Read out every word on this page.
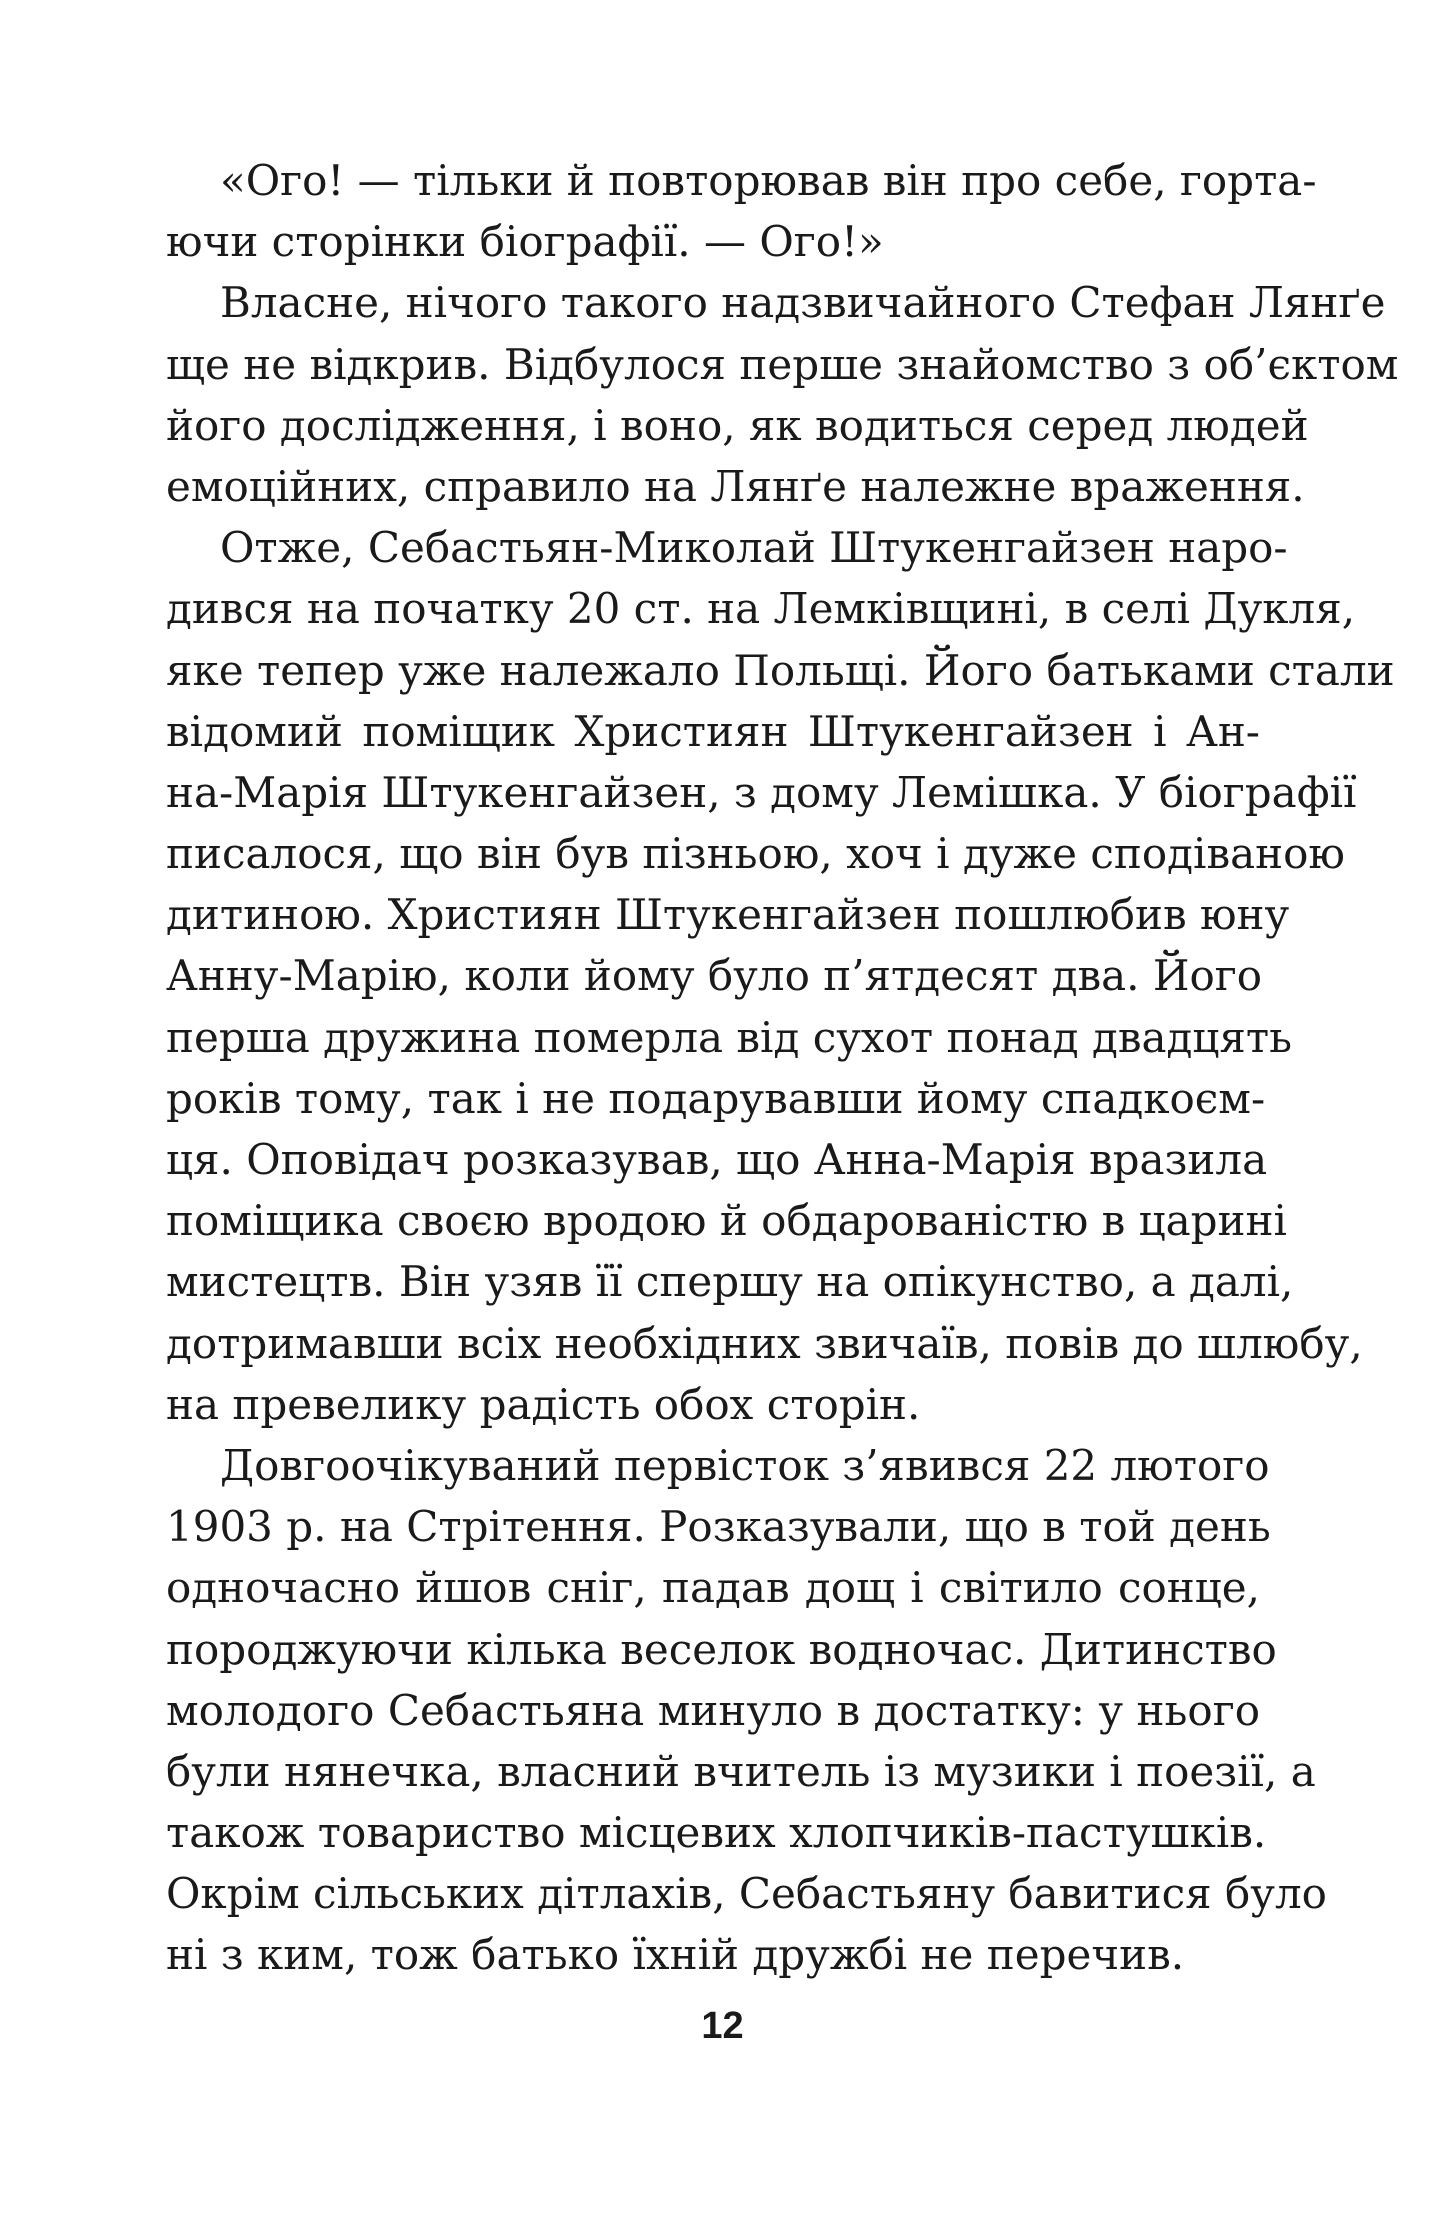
«Ого! — тільки й повторював він про себе, горта-
ючи сторінки біографії. — Ого!»
Власне, нічого такого надзвичайного Стефан Лянґе
ще не відкрив. Відбулося перше знайомство з об’єктом
його дослідження, і воно, як водиться серед людей
емоційних, справило на Лянґе належне враження.
Отже, Себастьян-Миколай Штукенгайзен наро-
дився на початку 20 ст. на Лемківщині, в селі Дукля,
яке тепер уже належало Польщі. Його батьками стали
відомий поміщик Християн Штукенгайзен і Ан-
на-Марія Штукенгайзен, з дому Лемішка. У біографії
писалося, що він був пізньою, хоч і дуже сподіваною
дитиною. Християн Штукенгайзен пошлюбив юну
Анну-Марію, коли йому було п’ятдесят два. Його
перша дружина померла від сухот понад двадцять
років тому, так і не подарувавши йому спадкоєм-
ця. Оповідач розказував, що Анна-Марія вразила
поміщика своєю вродою й обдарованістю в царині
мистецтв. Він узяв її спершу на опікунство, а далі,
дотримавши всіх необхідних звичаїв, повів до шлюбу,
на превелику радість обох сторін.
Довгоочікуваний первісток з’явився 22 лютого
1903 р. на Стрітення. Розказували, що в той день
одночасно йшов сніг, падав дощ і світило сонце,
породжуючи кілька веселок водночас. Дитинство
молодого Себастьяна минуло в достатку: у нього
були нянечка, власний вчитель із музики і поезії, а
також товариство місцевих хлопчиків-пастушків.
Окрім сільських дітлахів, Себастьяну бавитися було
ні з ким, тож батько їхній дружбі не перечив.
12
